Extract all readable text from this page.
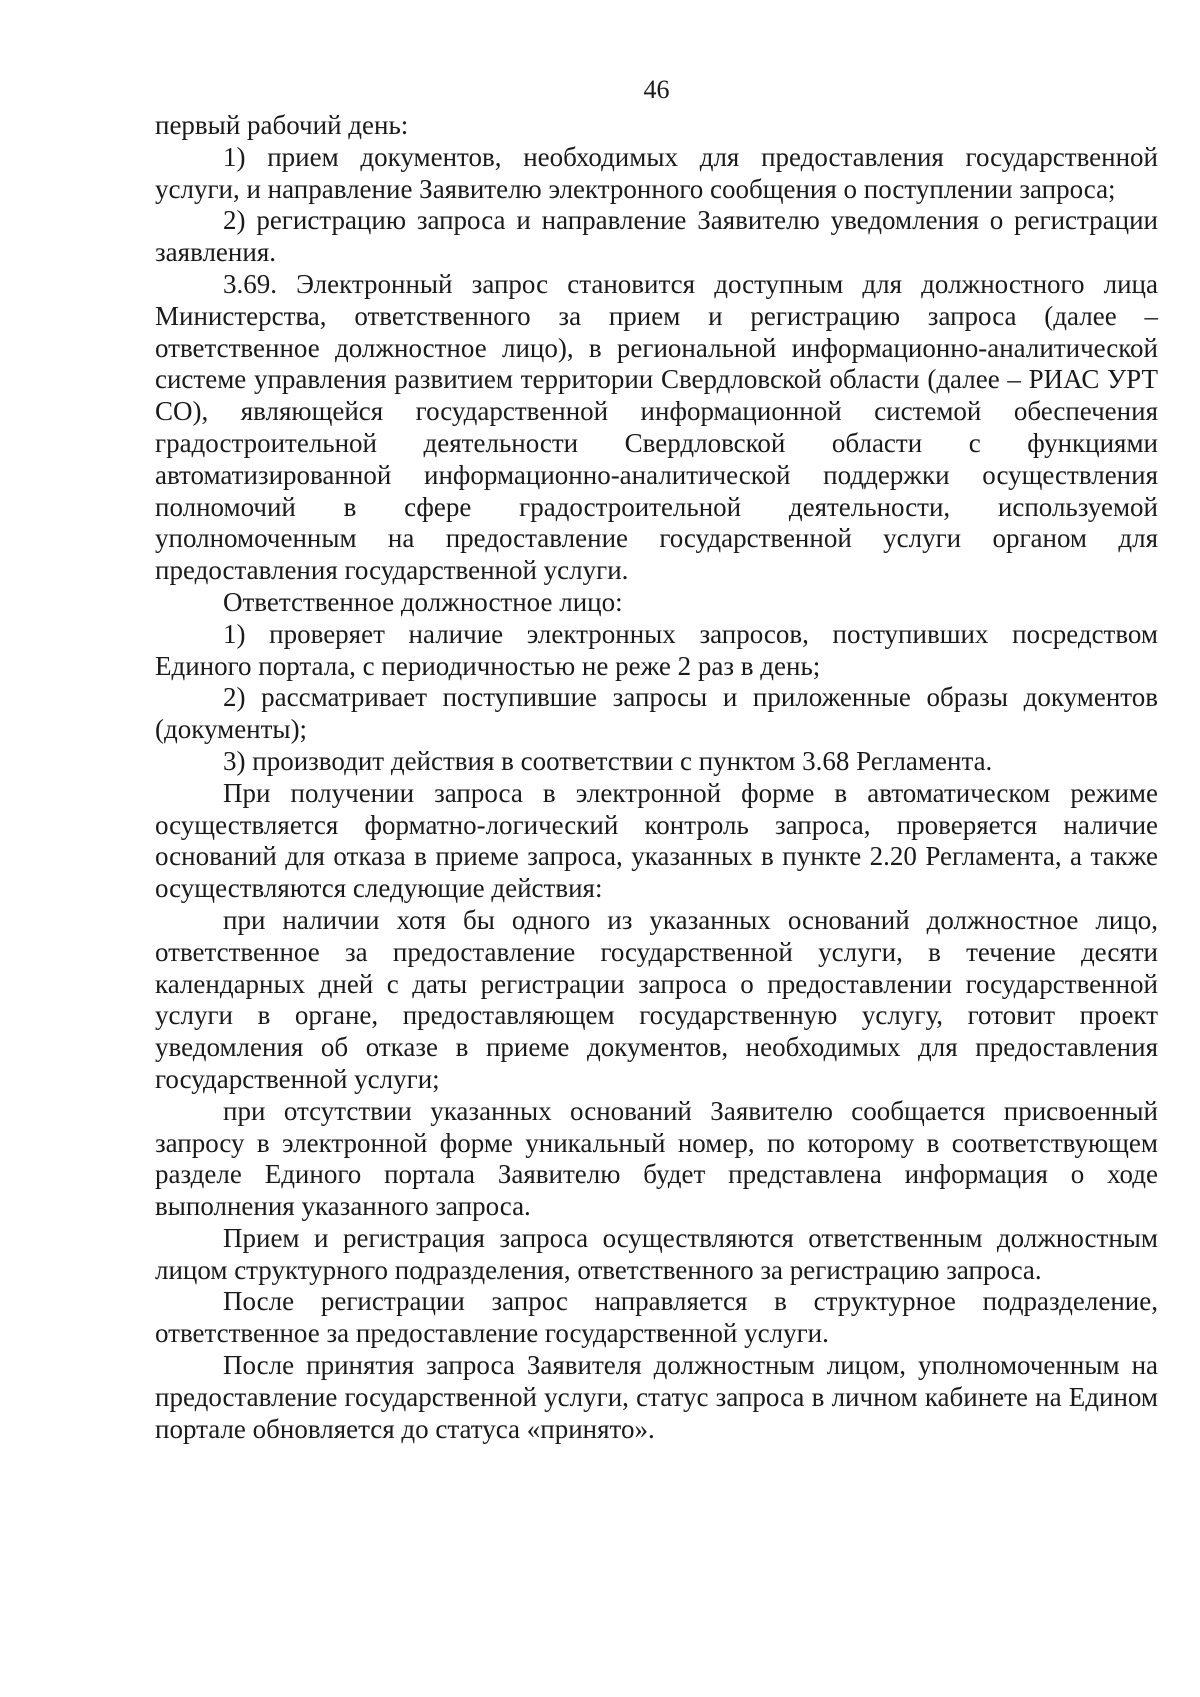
46

первый рабочий день:

1) прием документов, необходимых для предоставления государственной услуги, и направление Заявителю электронного сообщения о поступлении запроса;

2) регистрацию запроса и направление Заявителю уведомления о регистрации заявления.

3.69. Электронный запрос становится доступным для должностного лица Министерства, ответственного за прием и регистрацию запроса (далее – ответственное должностное лицо), в региональной информационно-аналитической системе управления развитием территории Свердловской области (далее – РИАС УРТ СО), являющейся государственной информационной системой обеспечения градостроительной деятельности Свердловской области с функциями автоматизированной информационно-аналитической поддержки осуществления полномочий в сфере градостроительной деятельности, используемой уполномоченным на предоставление государственной услуги органом для предоставления государственной услуги.

Ответственное должностное лицо:

1) проверяет наличие электронных запросов, поступивших посредством Единого портала, с периодичностью не реже 2 раз в день;

2) рассматривает поступившие запросы и приложенные образы документов (документы);

3) производит действия в соответствии с пунктом 3.68 Регламента.

При получении запроса в электронной форме в автоматическом режиме осуществляется форматно-логический контроль запроса, проверяется наличие оснований для отказа в приеме запроса, указанных в пункте 2.20 Регламента, а также осуществляются следующие действия:

при наличии хотя бы одного из указанных оснований должностное лицо, ответственное за предоставление государственной услуги, в течение десяти календарных дней с даты регистрации запроса о предоставлении государственной услуги в органе, предоставляющем государственную услугу, готовит проект уведомления об отказе в приеме документов, необходимых для предоставления государственной услуги;

при отсутствии указанных оснований Заявителю сообщается присвоенный запросу в электронной форме уникальный номер, по которому в соответствующем разделе Единого портала Заявителю будет представлена информация о ходе выполнения указанного запроса.

Прием и регистрация запроса осуществляются ответственным должностным лицом структурного подразделения, ответственного за регистрацию запроса.

После регистрации запрос направляется в структурное подразделение, ответственное за предоставление государственной услуги.

После принятия запроса Заявителя должностным лицом, уполномоченным на предоставление государственной услуги, статус запроса в личном кабинете на Едином портале обновляется до статуса «принято».
